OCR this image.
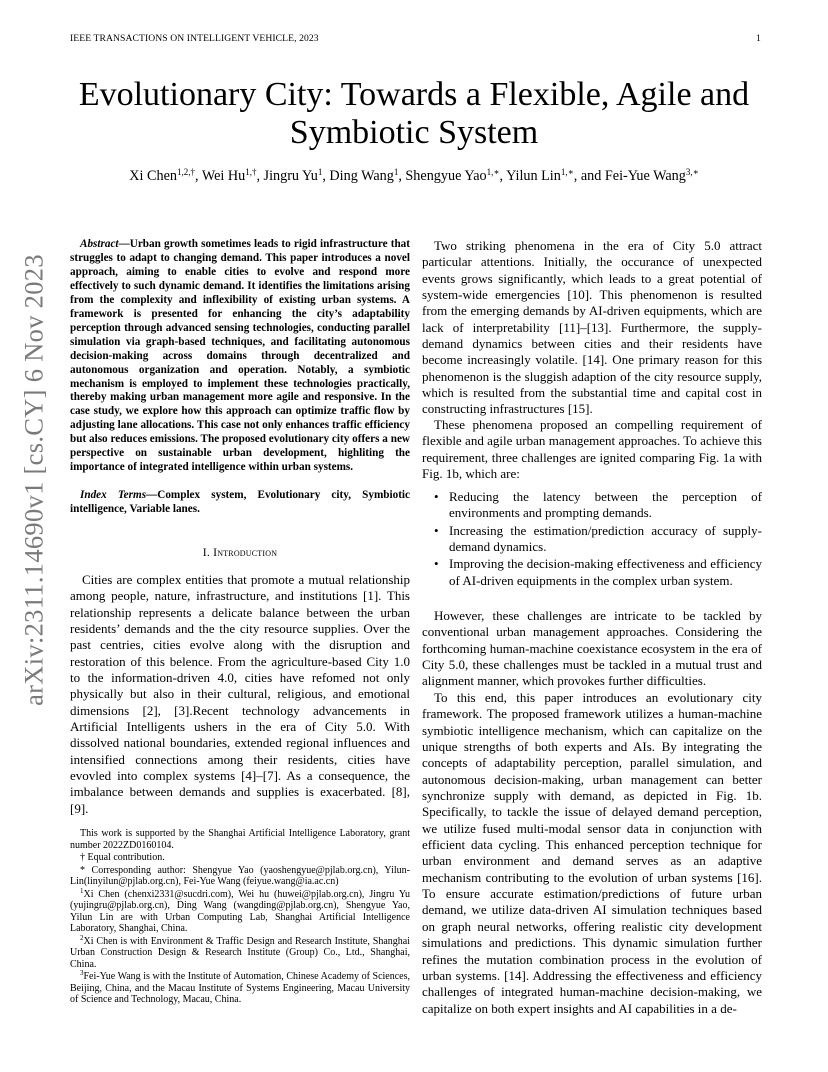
IEEE TRANSACTIONS ON INTELLIGENT VEHICLE, 2023	1
arXiv:2311.14690v1 [cs.CY] 6 Nov 2023
Evolutionary City: Towards a Flexible, Agile and Symbiotic System
Xi Chen$^{1,2,\dagger}$, Wei $Hu^{1,\dagger}$, Jingru Yu$^1$, Ding Wang$^1$, Shengyue Yao$^{1,∗}$, Yilun Lin$^{1,∗}$, and Fei-Yue Wang$^{3,∗}$
Abstract—Urban growth sometimes leads to rigid infrastructure that struggles to adapt to changing demand. This paper introduces a novel approach, aiming to enable cities to evolve and respond more effectively to such dynamic demand. It identifies the limitations arising from the complexity and inflexibility of existing urban systems. A framework is presented for enhancing the city’s adaptability perception through advanced sensing technologies, conducting parallel simulation via graph-based techniques, and facilitating autonomous decision-making across domains through decentralized and autonomous organization and operation. Notably, a symbiotic mechanism is employed to implement these technologies practically, thereby making urban management more agile and responsive. In the case study, we explore how this approach can optimize traffic flow by adjusting lane allocations. This case not only enhances traffic efficiency but also reduces emissions. The proposed evolutionary city offers a new perspective on sustainable urban development, highliting the importance of integrated intelligence within urban systems.
Index Terms—Complex system, Evolutionary city, Symbiotic intelligence, Variable lanes.
I. Introduction
Cities are complex entities that promote a mutual relationship among people, nature, infrastructure, and institutions [1]. This relationship represents a delicate balance between the urban residents’ demands and the the city resource supplies. Over the past centries, cities evolve along with the disruption and restoration of this belence. From the agriculture-based City 1.0 to the information-driven 4.0, cities have refomed not only physically but also in their cultural, religious, and emotional dimensions [2], [3].Recent technology advancements in Artificial Intelligents ushers in the era of City 5.0. With dissolved national boundaries, extended regional influences and intensified connections among their residents, cities have evovled into complex systems [4]–[7]. As a consequence, the imbalance between demands and supplies is exacerbated. [8], [9].

This work is supported by the Shanghai Artificial Intelligence Laboratory, grant number 2022ZD0160104.

† Equal contribution.

* Corresponding author: Shengyue Yao (yaoshengyue@pjlab.org.cn), Yilun-Lin(linyilun@pjlab.org.cn), Fei-Yue Wang (feiyue.wang@ia.ac.cn)

$^1$Xi Chen (chenxi2331@sucdri.com), Wei hu (huwei@pjlab.org.cn), Jingru Yu (yujingru@pjlab.org.cn), Ding Wang (wangding@pjlab.org.cn), Shengyue Yao, Yilun Lin are with Urban Computing Lab, Shanghai Artificial Intelligence Laboratory, Shanghai, China.

$^2$Xi Chen is with Environment & Traffic Design and Research Institute, Shanghai Urban Construction Design & Research Institute (Group) Co., Ltd., Shanghai, China.

$^3$Fei-Yue Wang is with the Institute of Automation, Chinese Academy of Sciences, Beijing, China, and the Macau Institute of Systems Engineering, Macau University of Science and Technology, Macau, China.

Two striking phenomena in the era of City 5.0 attract particular attentions. Initially, the occurance of unexpected events grows significantly, which leads to a great potential of system-wide emergencies [10]. This phenomenon is resulted from the emerging demands by AI-driven equipments, which are lack of interpretability [11]–[13]. Furthermore, the supply-demand dynamics between cities and their residents have become increasingly volatile. [14]. One primary reason for this phenomenon is the sluggish adaption of the city resource supply, which is resulted from the substantial time and capital cost in constructing infrastructures [15].
These phenomena proposed an compelling requirement of flexible and agile urban management approaches. To achieve this requirement, three challenges are ignited comparing Fig. 1a with Fig. 1b, which are:
• Reducing the latency between the perception of environments and prompting demands.
• Increasing the estimation/prediction accuracy of supply-demand dynamics.
• Improving the decision-making effectiveness and efficiency of AI-driven equipments in the complex urban system.
However, these challenges are intricate to be tackled by conventional urban management approaches. Considering the forthcoming human-machine coexistance ecosystem in the era of City 5.0, these challenges must be tackled in a mutual trust and alignment manner, which provokes further difficulties.
To this end, this paper introduces an evolutionary city framework. The proposed framework utilizes a human-machine symbiotic intelligence mechanism, which can capitalize on the unique strengths of both experts and AIs. By integrating the concepts of adaptability perception, parallel simulation, and autonomous decision-making, urban management can better synchronize supply with demand, as depicted in Fig. 1b. Specifically, to tackle the issue of delayed demand perception, we utilize fused multi-modal sensor data in conjunction with efficient data cycling. This enhanced perception technique for urban environment and demand serves as an adaptive mechanism contributing to the evolution of urban systems [16]. To ensure accurate estimation/predictions of future urban demand, we utilize data-driven AI simulation techniques based on graph neural networks, offering realistic city development simulations and predictions. This dynamic simulation further refines the mutation combination process in the evolution of urban systems. [14]. Addressing the effectiveness and efficiency challenges of integrated human-machine decision-making, we capitalize on both expert insights and AI capabilities in a de-
